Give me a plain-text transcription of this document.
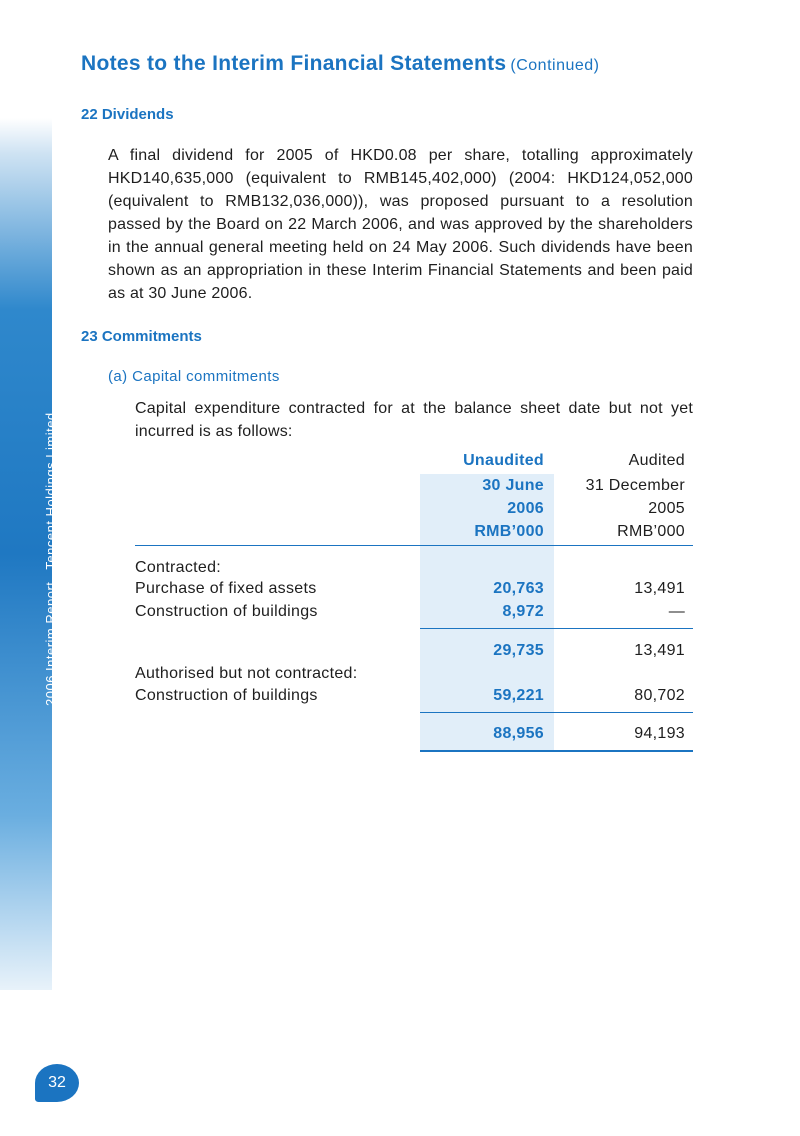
2006 Interim ReportTencent Holdings Limited
32
Notes to the Interim Financial Statements (Continued)
22 Dividends
A final dividend for 2005 of HKD0.08 per share, totalling approximately HKD140,635,000 (equivalent to RMB145,402,000) (2004: HKD124,052,000 (equivalent to RMB132,036,000)), was proposed pursuant to a resolution passed by the Board on 22 March 2006, and was approved by the shareholders in the annual general meeting held on 24 May 2006. Such dividends have been shown as an appropriation in these Interim Financial Statements and been paid as at 30 June 2006.
23 Commitments
(a) Capital commitments
Capital expenditure contracted for at the balance sheet date but not yet incurred is as follows:
Unaudited	Audited
30 June	31 December
2006	2005
RMB’000	RMB’000
Contracted:
Purchase of fixed assets	20,763	13,491
Construction of buildings	8,972	—
29,735	13,491
Authorised but not contracted:
Construction of buildings	59,221	80,702
88,956	94,193
